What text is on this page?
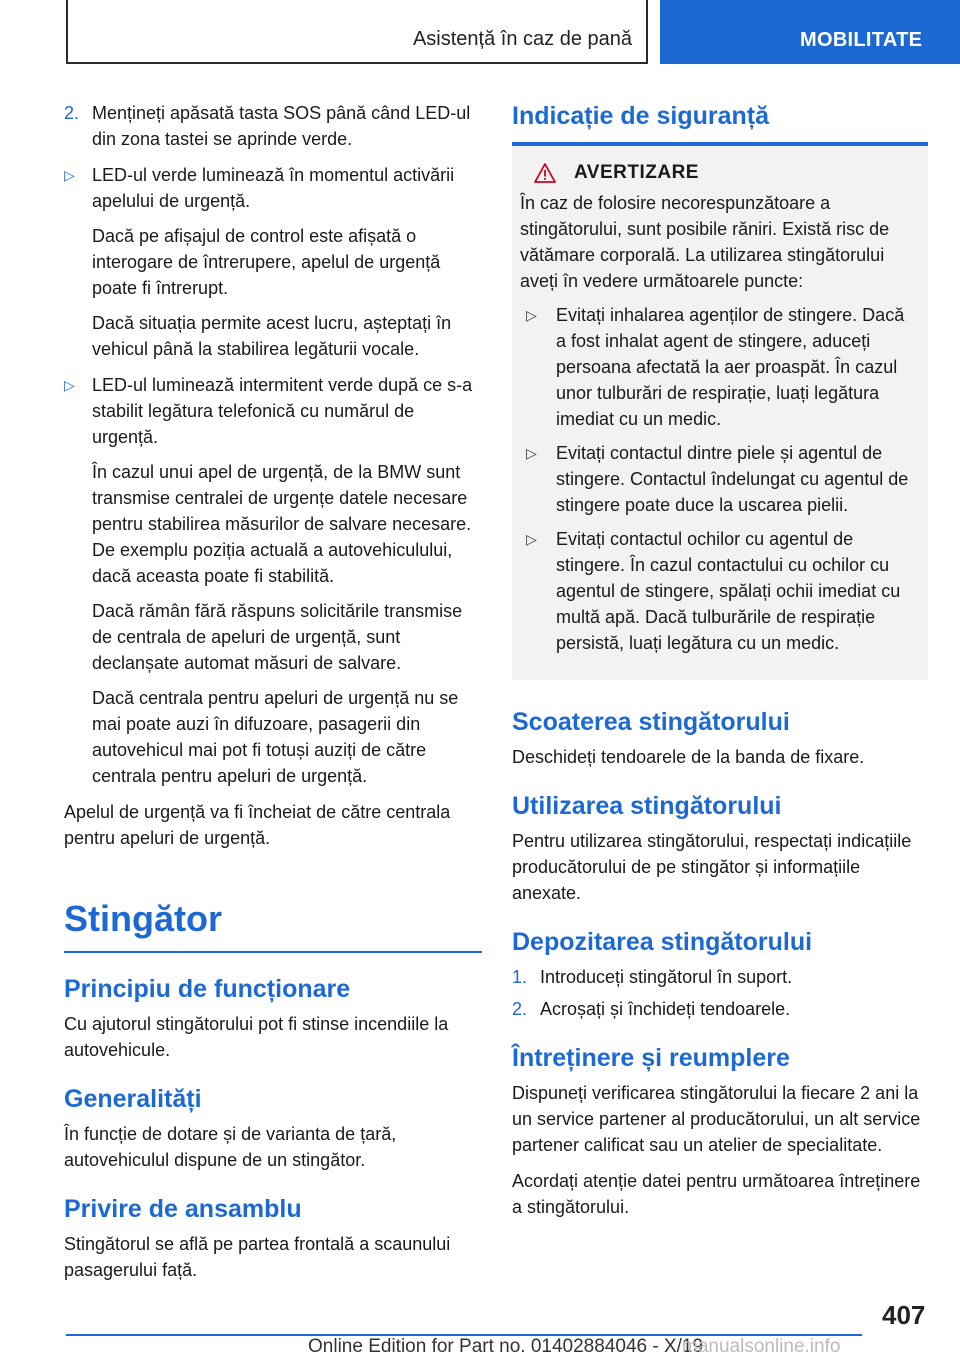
Asistență în caz de pană	MOBILITATE
2. Mențineți apăsată tasta SOS până când LED-ul din zona tastei se aprinde verde.

▷ LED-ul verde luminează în momentul activării apelului de urgență.

Dacă pe afișajul de control este afișată o interogare de întrerupere, apelul de urgență poate fi întrerupt.

Dacă situația permite acest lucru, așteptați în vehicul până la stabilirea legăturii vocale.

▷ LED-ul luminează intermitent verde după ce s-a stabilit legătura telefonică cu numărul de urgență.

În cazul unui apel de urgență, de la BMW sunt transmise centralei de urgențe datele necesare pentru stabilirea măsurilor de salvare necesare. De exemplu poziția actuală a autovehiculului, dacă aceasta poate fi stabilită.

Dacă rămân fără răspuns solicitările transmise de centrala de apeluri de urgență, sunt declanșate automat măsuri de salvare.

Dacă centrala pentru apeluri de urgență nu se mai poate auzi în difuzoare, pasagerii din autovehicul mai pot fi totuși auziți de către centrala pentru apeluri de urgență.

Apelul de urgență va fi încheiat de către centrala pentru apeluri de urgență.

Stingător
Principiu de funcționare

Cu ajutorul stingătorului pot fi stinse incendiile la autovehicule.

Generalități

În funcție de dotare și de varianta de țară, autovehiculul dispune de un stingător.

Privire de ansamblu

Stingătorul se află pe partea frontală a scaunului pasagerului față.

Indicație de siguranță
AVERTIZARE

În caz de folosire necorespunzătoare a stingătorului, sunt posibile răniri. Există risc de vătămare corporală. La utilizarea stingătorului aveți în vedere următoarele puncte:

▷	Evitați inhalarea agenților de stingere. Dacă a fost inhalat agent de stingere, aduceți persoana afectată la aer proaspăt. În cazul unor tulburări de respirație, luați legătura imediat cu un medic.

▷	Evitați contactul dintre piele și agentul de stingere. Contactul îndelungat cu agentul de stingere poate duce la uscarea pielii.

▷	Evitați contactul ochilor cu agentul de stingere. În cazul contactului cu ochilor cu agentul de stingere, spălați ochii imediat cu multă apă. Dacă tulburările de respirație persistă, luați legătura cu un medic.

Scoaterea stingătorului

Deschideți tendoarele de la banda de fixare.

Utilizarea stingătorului

Pentru utilizarea stingătorului, respectați indicațiile producătorului de pe stingător și informațiile anexate.

Depozitarea stingătorului
1. Introduceți stingătorul în suport.

2. Acroșați și închideți tendoarele.

Întreținere și reumplere

Dispuneți verificarea stingătorului la fiecare 2 ani la un service partener al producătorului, un alt service partener calificat sau un atelier de specialitate.

Acordați atenție datei pentru următoarea întreținere a stingătorului.

407
Online Edition for Part no. 01402884046 - X/19
manualsonline.info
